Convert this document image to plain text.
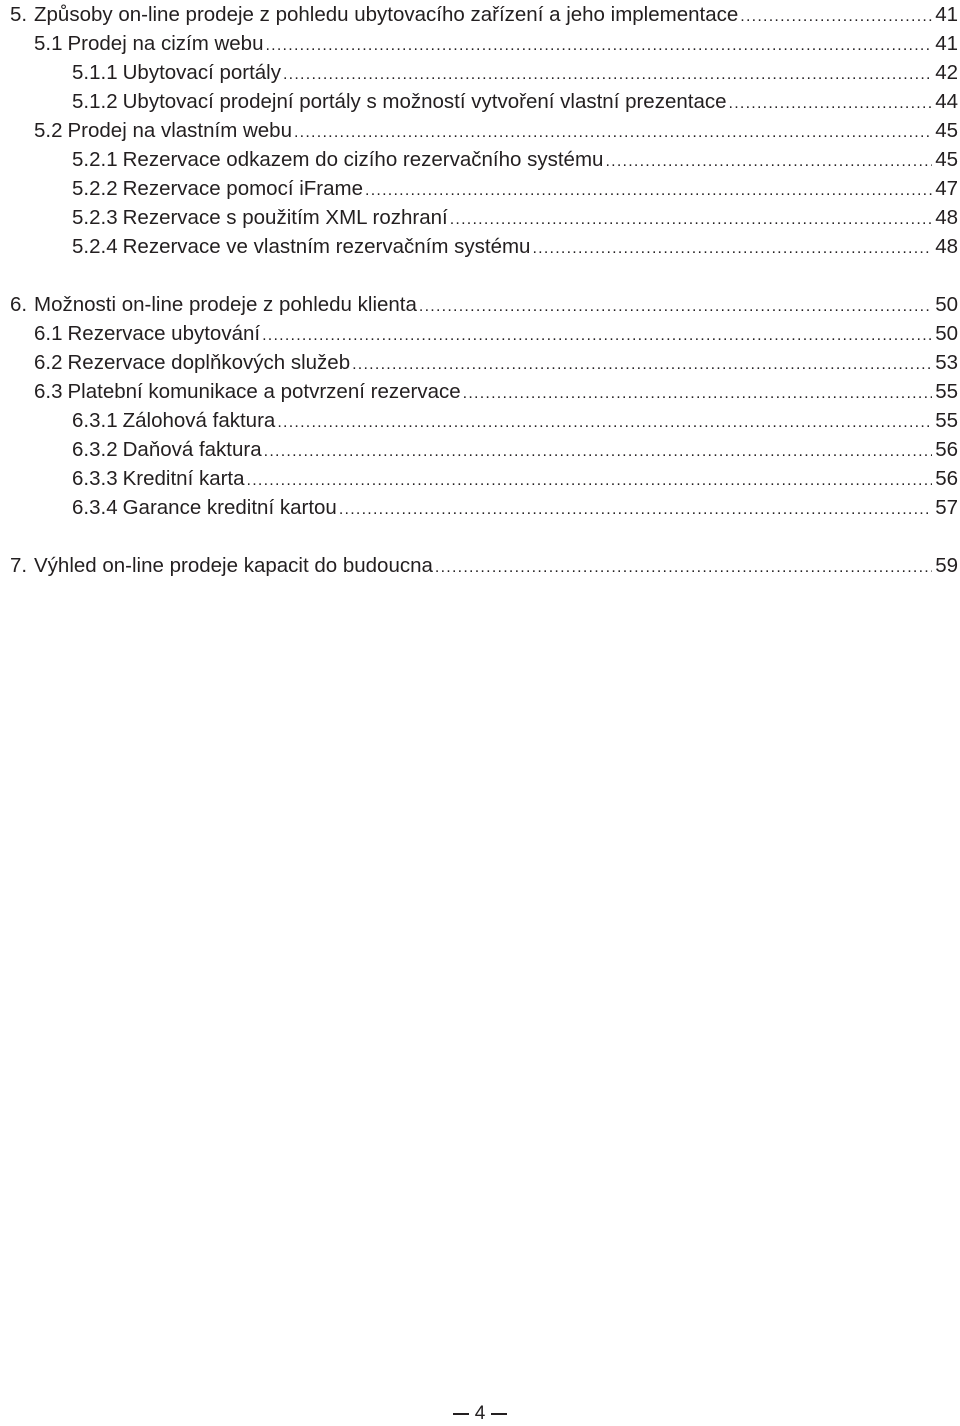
5. Způsoby on-line prodeje z pohledu ubytovacího zařízení a jeho implementace . . .	41
5.1 Prodej na cizím webu . . .	41
5.1.1 Ubytovací portály . . .	42
5.1.2 Ubytovací prodejní portály s možností vytvoření vlastní prezentace . . .	44
5.2 Prodej na vlastním webu . . .	45
5.2.1 Rezervace odkazem do cizího rezervačního systému . . .	45
5.2.2 Rezervace pomocí iFrame . . .	47
5.2.3 Rezervace s použitím XML rozhraní . . .	48
5.2.4 Rezervace ve vlastním rezervačním systému . . .	48
6. Možnosti on-line prodeje z pohledu klienta . . .	50
6.1 Rezervace ubytování . . .	50
6.2 Rezervace doplňkových služeb . . .	53
6.3 Platební komunikace a potvrzení rezervace . . .	55
6.3.1 Zálohová faktura . . .	55
6.3.2 Daňová faktura . . .	56
6.3.3 Kreditní karta . . .	56
6.3.4 Garance kreditní kartou . . .	57
7. Výhled on-line prodeje kapacit do budoucna . . .	59
4
